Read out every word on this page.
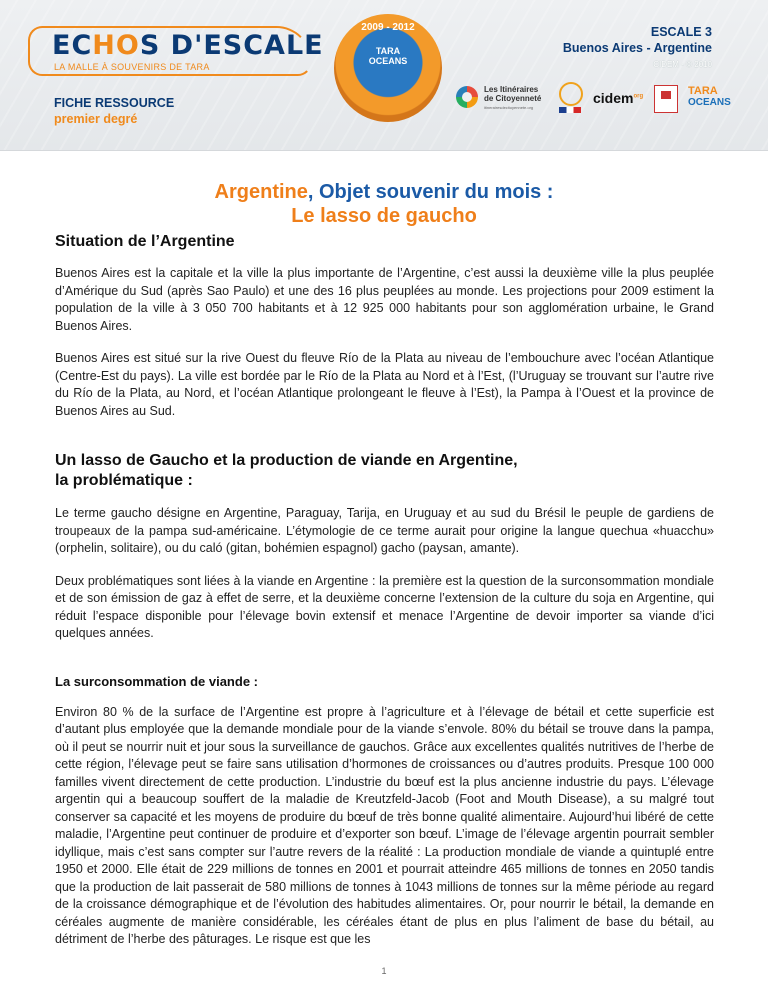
ECHOS D'ESCALE
LA MALLE À SOUVENIRS DE TARA
FICHE RESSOURCE
premier degré
2009 - 2012
TARA
OCEANS
ESCALE 3
Buenos Aires - Argentine
CIDEM - © 2010
Les Itinéraires
de Citoyenneté
itinerairesdecitoyennete.org
cidem$^{org}$	TARA
OCEANS
Argentine, Objet souvenir du mois :
Le lasso de gaucho
Situation de l’Argentine

Buenos Aires est la capitale et la ville la plus importante de l’Argentine, c’est aussi la deuxième ville la plus peuplée d’Amérique du Sud (après Sao Paulo) et une des 16 plus peuplées au monde. Les projections pour 2009 estiment la population de la ville à 3 050 700 habitants et à 12 925 000 habitants pour son agglomération urbaine, le Grand Buenos Aires.

Buenos Aires est situé sur la rive Ouest du fleuve Río de la Plata au niveau de l’embouchure avec l’océan Atlantique (Centre-Est du pays). La ville est bordée par le Río de la Plata au Nord et à l’Est, (l’Uruguay se trouvant sur l’autre rive du Río de la Plata, au Nord, et l’océan Atlantique prolongeant le fleuve à l’Est), la Pampa à l’Ouest et la province de Buenos Aires au Sud.

Un lasso de Gaucho et la production de viande en Argentine,
la problématique :

Le terme gaucho désigne en Argentine, Paraguay, Tarija, en Uruguay et au sud du Brésil le peuple de gardiens de troupeaux de la pampa sud-américaine. L’étymologie de ce terme aurait pour origine la langue quechua «huacchu» (orphelin, solitaire), ou du caló (gitan, bohémien espagnol) gacho (paysan, amante).

Deux problématiques sont liées à la viande en Argentine : la première est la question de la surconsommation mondiale et de son émission de gaz à effet de serre, et la deuxième concerne l’extension de la culture du soja en Argentine, qui réduit l’espace disponible pour l’élevage bovin extensif et menace l’Argentine de devoir importer sa viande d’ici quelques années.

La surconsommation de viande :

Environ 80 % de la surface de l’Argentine est propre à l’agriculture et à l’élevage de bétail et cette superficie est d’autant plus employée que la demande mondiale pour de la viande s’envole. 80% du bétail se trouve dans la pampa, où il peut se nourrir nuit et jour sous la surveillance de gauchos. Grâce aux excellentes qualités nutritives de l’herbe de cette région, l’élevage peut se faire sans utilisation d’hormones de croissances ou d’autres produits. Presque 100 000 familles vivent directement de cette production. L’industrie du bœuf est la plus ancienne industrie du pays. L’élevage argentin qui a beaucoup souffert de la maladie de Kreutzfeld-Jacob (Foot and Mouth Disease), a su malgré tout conserver sa capacité et les moyens de produire du bœuf de très bonne qualité alimentaire. Aujourd’hui libéré de cette maladie, l’Argentine peut continuer de produire et d’exporter son bœuf. L’image de l’élevage argentin pourrait sembler idyllique, mais c’est sans compter sur l’autre revers de la réalité : La production mondiale de viande a quintuplé entre 1950 et 2000. Elle était de 229 millions de tonnes en 2001 et pourrait atteindre 465 millions de tonnes en 2050 tandis que la production de lait passerait de 580 millions de tonnes à 1043 millions de tonnes sur la même période au regard de la croissance démographique et de l’évolution des habitudes alimentaires. Or, pour nourrir le bétail, la demande en céréales augmente de manière considérable, les céréales étant de plus en plus l’aliment de base du bétail, au détriment de l’herbe des pâturages. Le risque est que les

1
